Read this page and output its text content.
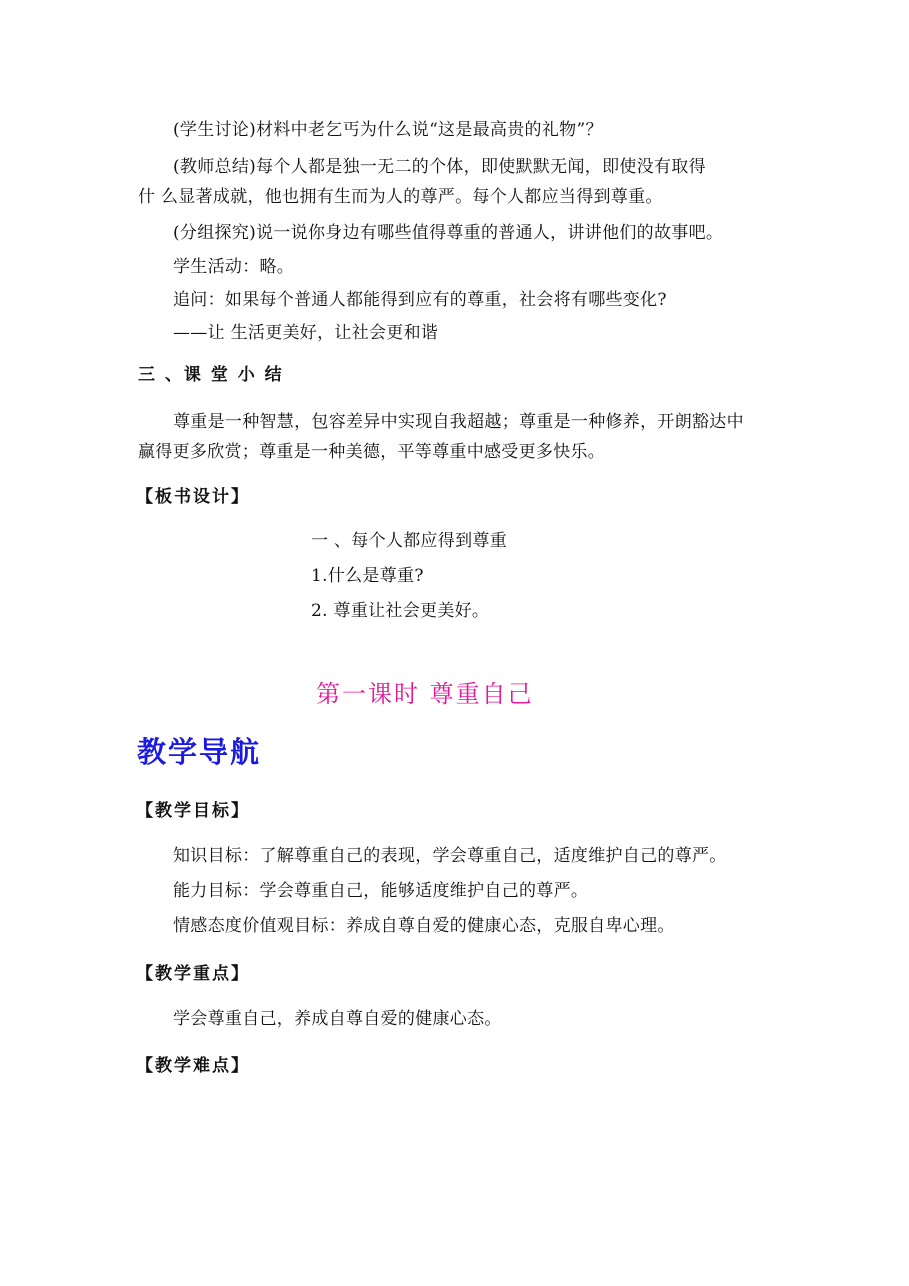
(学生讨论)材料中老乞丐为什么说“这是最高贵的礼物”？
(教师总结)每个人都是独一无二的个体，即使默默无闻，即使没有取得
什 么显著成就，他也拥有生而为人的尊严。每个人都应当得到尊重。
(分组探究)说一说你身边有哪些值得尊重的普通人，讲讲他们的故事吧。
学生活动：略。
追问：如果每个普通人都能得到应有的尊重，社会将有哪些变化?
——让 生活更美好，让社会更和谐
三 、课 堂 小 结
尊重是一种智慧，包容差异中实现自我超越；尊重是一种修养，开朗豁达中
赢得更多欣赏；尊重是一种美德，平等尊重中感受更多快乐。
【板书设计】
一 、每个人都应得到尊重
1.什么是尊重?
2. 尊重让社会更美好。
第一课时 尊重自己
教学导航
【教学目标】
知识目标：了解尊重自己的表现，学会尊重自己，适度维护自己的尊严。
能力目标：学会尊重自己，能够适度维护自己的尊严。
情感态度价值观目标：养成自尊自爱的健康心态，克服自卑心理。
【教学重点】
学会尊重自己，养成自尊自爱的健康心态。
【教学难点】
